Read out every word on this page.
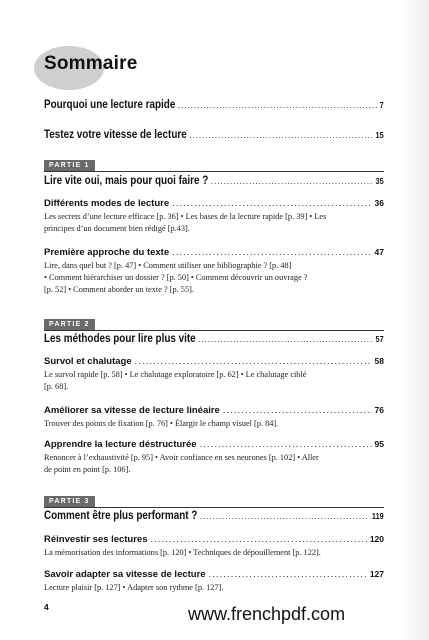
Sommaire
Pourquoi une lecture rapide .....	7
Testez votre vitesse de lecture .....	15
PARTIE 1
Lire vite oui, mais pour quoi faire ? .....	35
Différents modes de lecture .....	36
Les secrets d’une lecture efficace [p. 36] • Les bases de la lecture rapide [p. 39] • Les
principes d’un document bien rédigé [p.43].
Première approche du texte .....	47
Lire, dans quel but ? [p. 47] • Comment utiliser une bibliographie ? [p. 48]
• Comment hiérarchiser un dossier ? [p. 50] • Comment découvrir un ouvrage ?
[p. 52] • Comment aborder un texte ? [p. 55].
PARTIE 2
Les méthodes pour lire plus vite .....	57
Survol et chalutage .....	58
Le survol rapide [p. 58] • Le chalutage exploratoire [p. 62] • Le chalutage ciblé
[p. 68].
Améliorer sa vitesse de lecture linéaire .....	76
Trouver des points de fixation [p. 76] • Élargir le champ visuel [p. 84].
Apprendre la lecture déstructurée .....	95
Renoncer à l’exhaustivité [p. 95] • Avoir confiance en ses neurones [p. 102] • Aller
de point en point [p. 106].
PARTIE 3
Comment être plus performant ? .....	119
Réinvestir ses lectures .....	120
La mémorisation des informations [p. 120] • Techniques de dépouillement [p. 122].
Savoir adapter sa vitesse de lecture .....	127
Lecture plaisir [p. 127] • Adapter son rythme [p. 127].
4	www.frenchpdf.com
